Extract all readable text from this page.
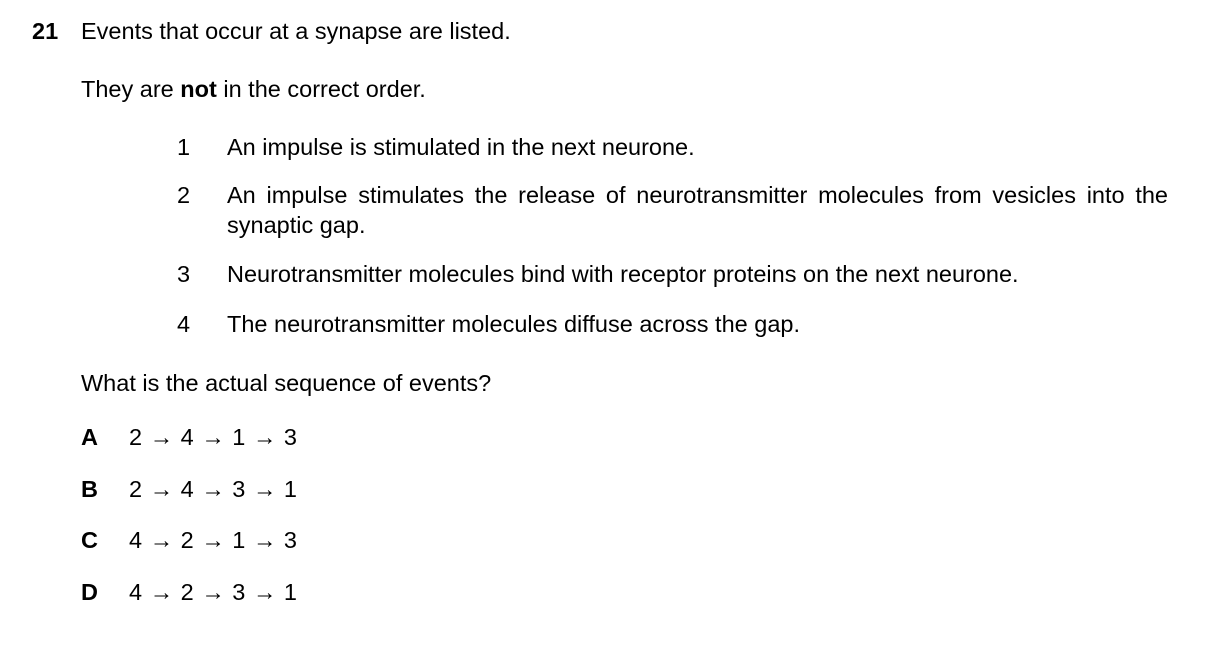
21 Events that occur at a synapse are listed.
They are not in the correct order.
1 An impulse is stimulated in the next neurone.
2 An impulse stimulates the release of neurotransmitter molecules from vesicles into the synaptic gap.
3 Neurotransmitter molecules bind with receptor proteins on the next neurone.
4 The neurotransmitter molecules diffuse across the gap.
What is the actual sequence of events?
A 2 → 4 → 1 → 3
B 2 → 4 → 3 → 1
C 4 → 2 → 1 → 3
D 4 → 2 → 3 → 1
